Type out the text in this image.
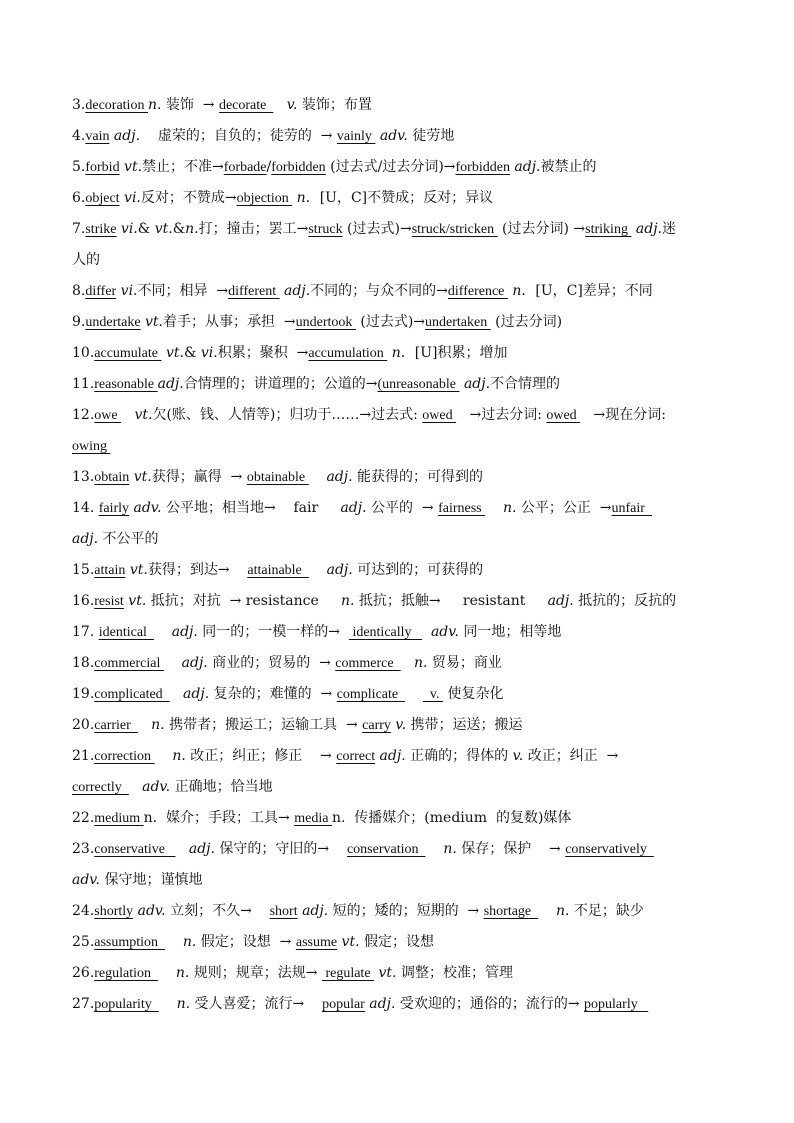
3.decoration n. 装饰  → decorate     v. 装饰；布置
4.vain adj.    虚荣的；自负的；徒劳的  → vainly  adv. 徒劳地
5.forbid vt.禁止；不准→forbade/forbidden (过去式/过去分词)→forbidden adj.被禁止的
6.object vi.反对；不赞成→objection  n．[U，C]不赞成；反对；异议
7.strike vi.& vt.&n.打；撞击；罢工→struck (过去式)→struck/stricken  (过去分词) →striking  adj.迷
人的
8.differ vi.不同；相异  →different  adj.不同的；与众不同的→difference  n．[U，C]差异；不同
9.undertake vt.着手；从事；承担  →undertook  (过去式)→undertaken  (过去分词)
10.accumulate  vt.& vi.积累；聚积  →accumulation  n．[U]积累；增加
11.reasonable adj.合情理的；讲道理的；公道的→(unreasonable  adj.不合情理的
12.owe    vt.欠(账、钱、人情等)；归功于……→过去式: owed    →过去分词: owed    →现在分词:
owing
13.obtain vt.获得；赢得  → obtainable     adj. 能获得的；可得到的
14. fairly adv. 公平地；相当地→    fair     adj. 公平的  → fairness     n. 公平；公正  →unfair
adj. 不公平的
15.attain vt.获得；到达→    attainable      adj. 可达到的；可获得的
16.resist vt. 抵抗；对抗  → resistance     n. 抵抗；抵触→     resistant     adj. 抵抗的；反抗的
17. identical      adj. 同一的；一模一样的→   identically     adv. 同一地；相等地
18.commercial     adj. 商业的；贸易的  → commerce     n. 贸易；商业
19.complicated     adj. 复杂的；难懂的  → complicate        v.  使复杂化
20.carrier     n. 携带者；搬运工；运输工具  → carry v. 携带；运送；搬运
21.correction     n. 改正；纠正；修正    → correct adj. 正确的；得体的 v. 改正；纠正  →
correctly     adv. 正确地；恰当地
22.medium n.  媒介；手段；工具→ media n.  传播媒介；(medium  的复数)媒体
23.conservative      adj. 保守的；守旧的→    conservation      n. 保存；保护    → conservatively
adv. 保守地；谨慎地
24.shortly adv. 立刻；不久→    short adj. 短的；矮的；短期的  → shortage      n. 不足；缺少
25.assumption      n. 假定；设想  → assume vt. 假定；设想
26.regulation      n. 规则；规章；法规→  regulate  vt. 调整；校准；管理
27.popularity      n. 受人喜爱；流行→    popular adj. 受欢迎的；通俗的；流行的→ popularly
